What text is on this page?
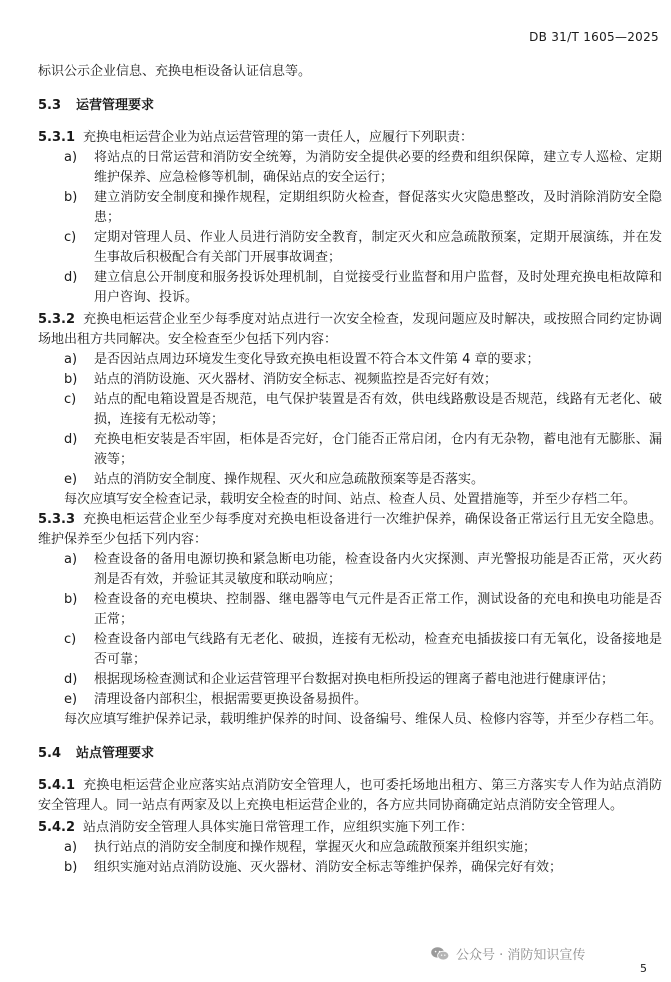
DB 31/T 1605—2025

标识公示企业信息、充换电柜设备认证信息等。

5.3 运营管理要求

5.3.1 充换电柜运营企业为站点运营管理的第一责任人，应履行下列职责：

a) 将站点的日常运营和消防安全统筹，为消防安全提供必要的经费和组织保障，建立专人巡检、定期维护保养、应急检修等机制，确保站点的安全运行；

b) 建立消防安全制度和操作规程，定期组织防火检查，督促落实火灾隐患整改，及时消除消防安全隐患；

c) 定期对管理人员、作业人员进行消防安全教育，制定灭火和应急疏散预案，定期开展演练，并在发生事故后积极配合有关部门开展事故调查；

d) 建立信息公开制度和服务投诉处理机制，自觉接受行业监督和用户监督，及时处理充换电柜故障和用户咨询、投诉。

5.3.2 充换电柜运营企业至少每季度对站点进行一次安全检查，发现问题应及时解决，或按照合同约定协调场地出租方共同解决。安全检查至少包括下列内容：

a) 是否因站点周边环境发生变化导致充换电柜设置不符合本文件第 4 章的要求；

b) 站点的消防设施、灭火器材、消防安全标志、视频监控是否完好有效；

c) 站点的配电箱设置是否规范，电气保护装置是否有效，供电线路敷设是否规范，线路有无老化、破损，连接有无松动等；

d) 充换电柜安装是否牢固，柜体是否完好，仓门能否正常启闭，仓内有无杂物，蓄电池有无膨胀、漏液等；

e) 站点的消防安全制度、操作规程、灭火和应急疏散预案等是否落实。

每次应填写安全检查记录，载明安全检查的时间、站点、检查人员、处置措施等，并至少存档二年。

5.3.3 充换电柜运营企业至少每季度对充换电柜设备进行一次维护保养，确保设备正常运行且无安全隐患。维护保养至少包括下列内容：

a) 检查设备的备用电源切换和紧急断电功能，检查设备内火灾探测、声光警报功能是否正常，灭火药剂是否有效，并验证其灵敏度和联动响应；

b) 检查设备的充电模块、控制器、继电器等电气元件是否正常工作，测试设备的充电和换电功能是否正常；

c) 检查设备内部电气线路有无老化、破损，连接有无松动，检查充电插拔接口有无氧化，设备接地是否可靠；

d) 根据现场检查测试和企业运营管理平台数据对换电柜所投运的锂离子蓄电池进行健康评估；

e) 清理设备内部积尘，根据需要更换设备易损件。

每次应填写维护保养记录，载明维护保养的时间、设备编号、维保人员、检修内容等，并至少存档二年。

5.4 站点管理要求

5.4.1 充换电柜运营企业应落实站点消防安全管理人，也可委托场地出租方、第三方落实专人作为站点消防安全管理人。同一站点有两家及以上充换电柜运营企业的，各方应共同协商确定站点消防安全管理人。

5.4.2 站点消防安全管理人具体实施日常管理工作，应组织实施下列工作：

a) 执行站点的消防安全制度和操作规程，掌握灭火和应急疏散预案并组织实施；

b) 组织实施对站点消防设施、灭火器材、消防安全标志等维护保养，确保完好有效；

公众号 · 消防知识宣传
5
